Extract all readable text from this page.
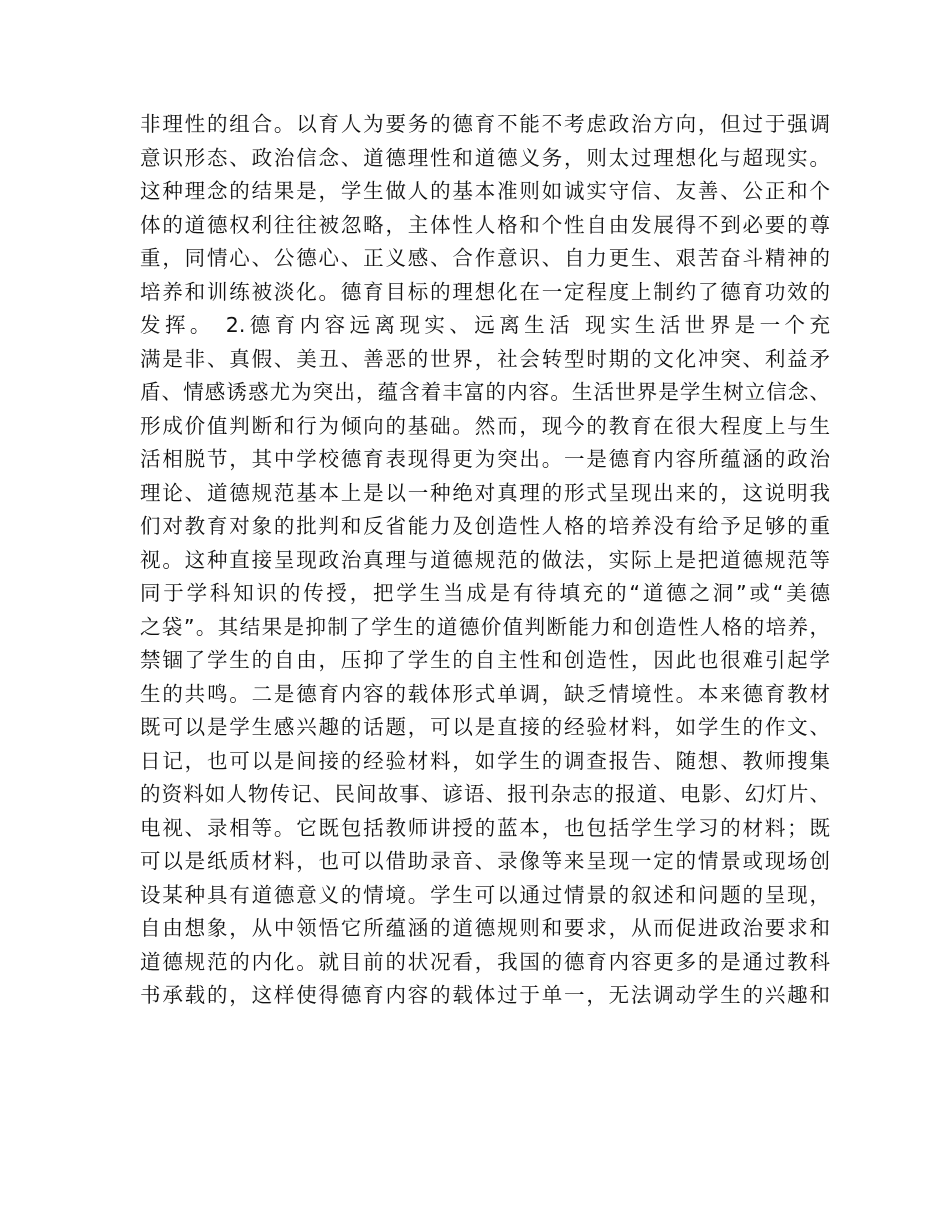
非理性的组合。以育人为要务的德育不能不考虑政治方向，但过于强调
意识形态、政治信念、道德理性和道德义务，则太过理想化与超现实。
这种理念的结果是，学生做人的基本准则如诚实守信、友善、公正和个
体的道德权利往往被忽略，主体性人格和个性自由发展得不到必要的尊
重，同情心、公德心、正义感、合作意识、自力更生、艰苦奋斗精神的
培养和训练被淡化。德育目标的理想化在一定程度上制约了德育功效的
发挥。 2.德育内容远离现实、远离生活 现实生活世界是一个充
满是非、真假、美丑、善恶的世界，社会转型时期的文化冲突、利益矛
盾、情感诱惑尤为突出，蕴含着丰富的内容。生活世界是学生树立信念、
形成价值判断和行为倾向的基础。然而，现今的教育在很大程度上与生
活相脱节，其中学校德育表现得更为突出。一是德育内容所蕴涵的政治
理论、道德规范基本上是以一种绝对真理的形式呈现出来的，这说明我
们对教育对象的批判和反省能力及创造性人格的培养没有给予足够的重
视。这种直接呈现政治真理与道德规范的做法，实际上是把道德规范等
同于学科知识的传授，把学生当成是有待填充的“道德之洞”或“美德
之袋”。其结果是抑制了学生的道德价值判断能力和创造性人格的培养，
禁锢了学生的自由，压抑了学生的自主性和创造性，因此也很难引起学
生的共鸣。二是德育内容的载体形式单调，缺乏情境性。本来德育教材
既可以是学生感兴趣的话题，可以是直接的经验材料，如学生的作文、
日记，也可以是间接的经验材料，如学生的调查报告、随想、教师搜集
的资料如人物传记、民间故事、谚语、报刊杂志的报道、电影、幻灯片、
电视、录相等。它既包括教师讲授的蓝本，也包括学生学习的材料；既
可以是纸质材料，也可以借助录音、录像等来呈现一定的情景或现场创
设某种具有道德意义的情境。学生可以通过情景的叙述和问题的呈现，
自由想象，从中领悟它所蕴涵的道德规则和要求，从而促进政治要求和
道德规范的内化。就目前的状况看，我国的德育内容更多的是通过教科
书承载的，这样使得德育内容的载体过于单一，无法调动学生的兴趣和
